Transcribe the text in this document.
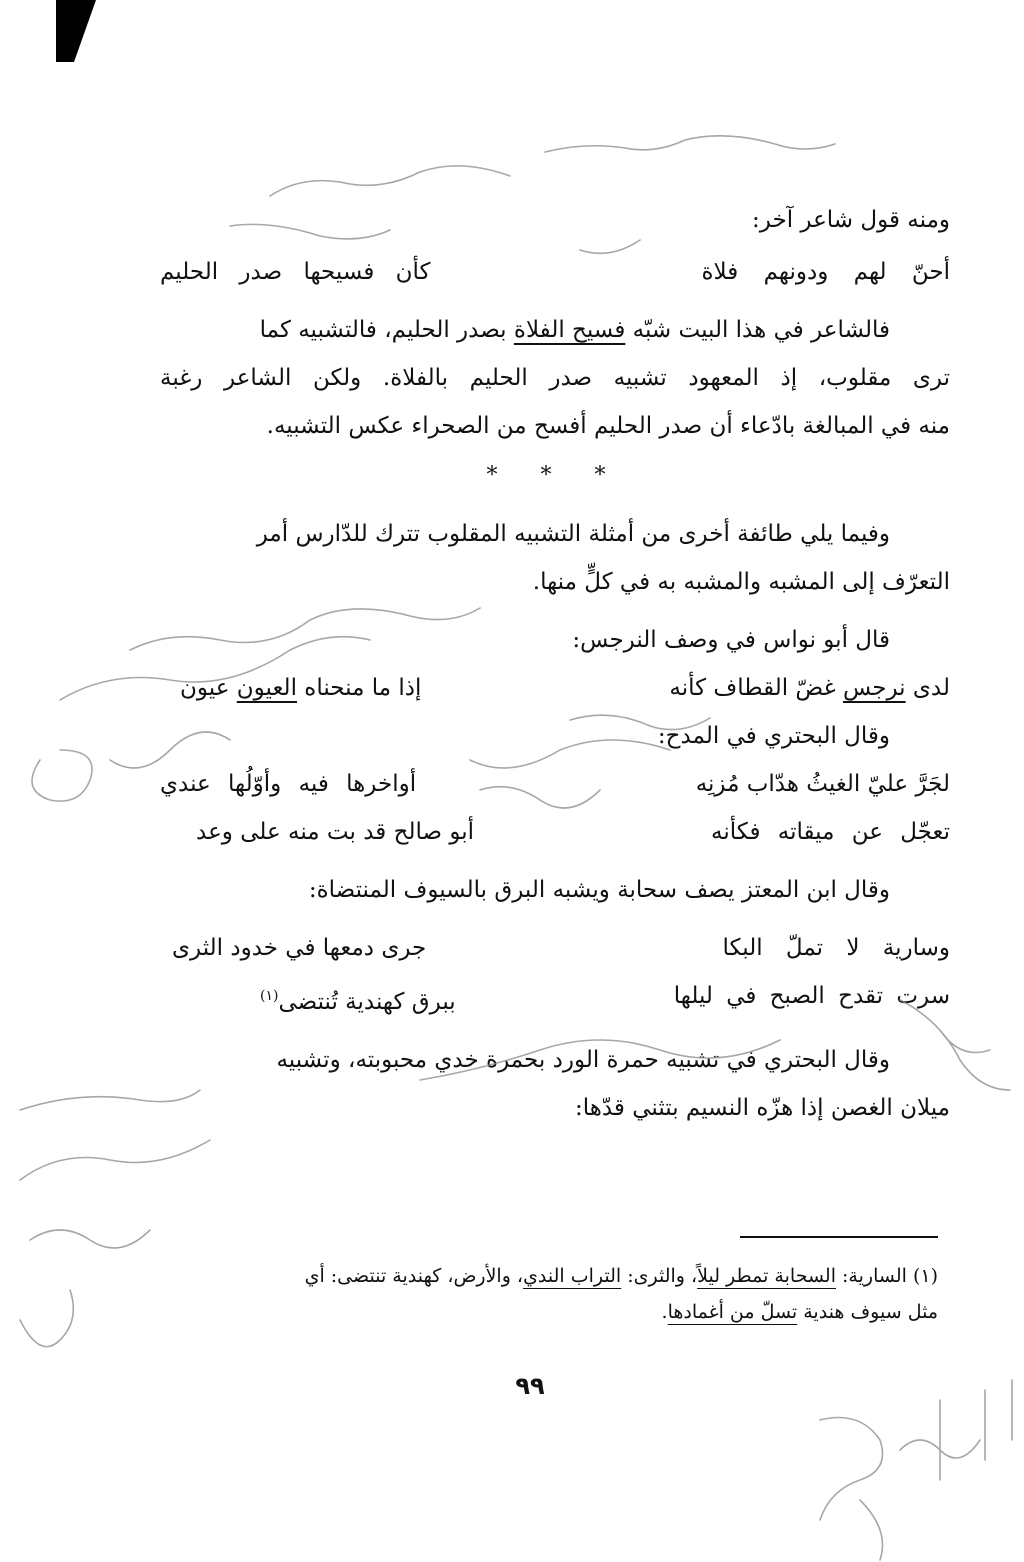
ومنه قول شاعر آخر:
أحنّ لهم ودونهم فلاة
كأن فسيحها صدر الحليم
فالشاعر في هذا البيت شبّه فسيح الفلاة بصدر الحليم، فالتشبيه كما
ترى مقلوب، إذ المعهود تشبيه صدر الحليم بالفلاة. ولكن الشاعر رغبة
منه في المبالغة بادّعاء أن صدر الحليم أفسح من الصحراء عكس التشبيه.
* * *
وفيما يلي طائفة أخرى من أمثلة التشبيه المقلوب تترك للدّارس أمر
التعرّف إلى المشبه والمشبه به في كلٍّ منها.
قال أبو نواس في وصف النرجس:
لدى نرجس غضّ القطاف كأنه
إذا ما منحناه العيون عيون
وقال البحتري في المدح:
لجَرَّ عليّ الغيثُ هدّاب مُزنِه
أواخرها فيه وأوّلُها عندي
تعجّل عن ميقاته فكأنه
أبو صالح قد بت منه على وعد
وقال ابن المعتز يصف سحابة ويشبه البرق بالسيوف المنتضاة:
وسارية لا تملّ البكا
جرى دمعها في خدود الثرى
سرت تقدح الصبح في ليلها
ببرق كهندية تُنتضى(١)
وقال البحتري في تشبيه حمرة الورد بحمرة خدي محبوبته، وتشبيه
ميلان الغصن إذا هزّه النسيم بتثني قدّها:
(١) السارية: السحابة تمطر ليلاً، والثرى: التراب الندي، والأرض، كهندية تنتضى: أي
مثل سيوف هندية تسلّ من أغمادها.
٩٩
